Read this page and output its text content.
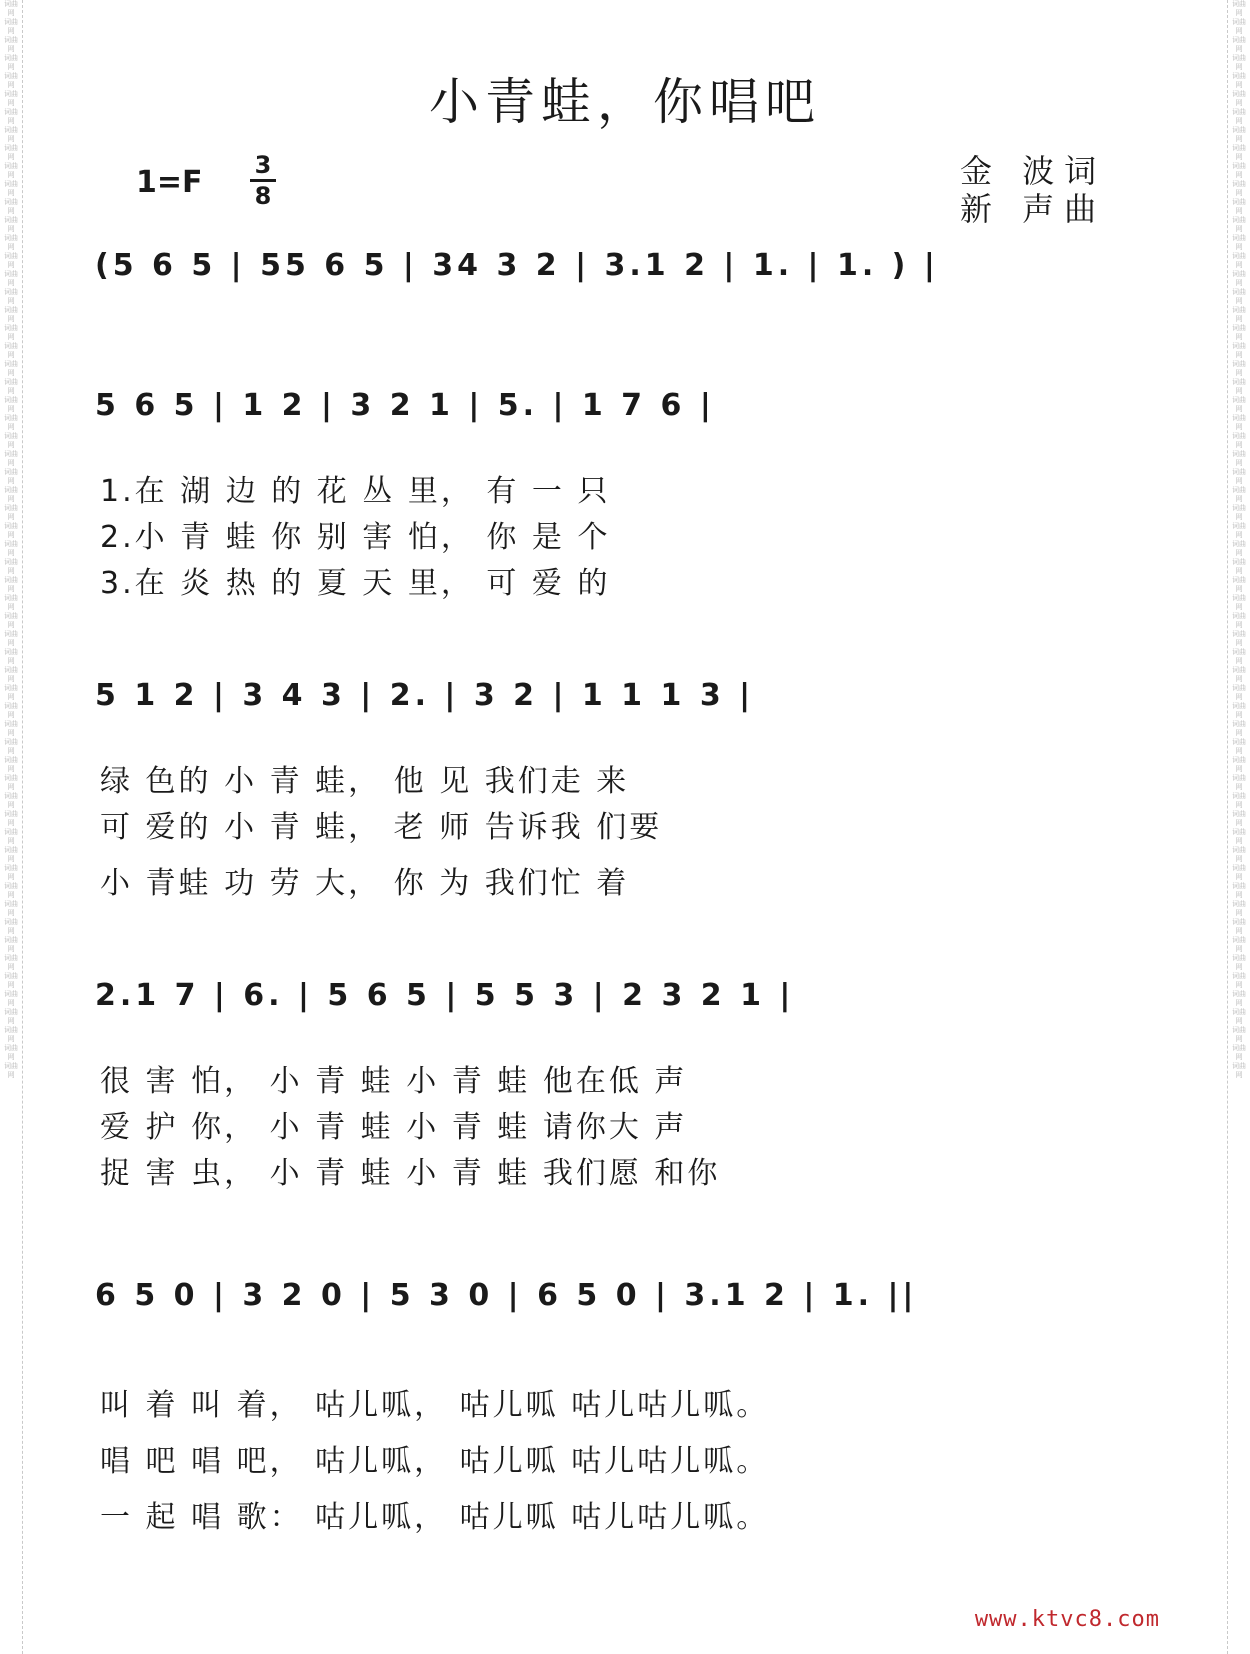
词曲网
词曲网
词曲网
词曲网
词曲网
词曲网
词曲网
词曲网
词曲网
词曲网
词曲网
词曲网
词曲网
词曲网
词曲网
词曲网
词曲网
词曲网
词曲网
词曲网
词曲网
词曲网
词曲网
词曲网
词曲网
词曲网
词曲网
词曲网
词曲网
词曲网
词曲网
词曲网
词曲网
词曲网
词曲网
词曲网
词曲网
词曲网
词曲网
词曲网
词曲网
词曲网
词曲网
词曲网
词曲网
词曲网
词曲网
词曲网
词曲网
词曲网
词曲网
词曲网
词曲网
词曲网
词曲网
词曲网
词曲网
词曲网
词曲网
词曲网
词曲网
词曲网
词曲网
词曲网
词曲网
词曲网
词曲网
词曲网
词曲网
词曲网
词曲网
词曲网
词曲网
词曲网
词曲网
词曲网
词曲网
词曲网
词曲网
词曲网
词曲网
词曲网
词曲网
词曲网
词曲网
词曲网
词曲网
词曲网
词曲网
词曲网
词曲网
词曲网
词曲网
词曲网
词曲网
词曲网
词曲网
词曲网
词曲网
词曲网
词曲网
词曲网
词曲网
词曲网
词曲网
词曲网
词曲网
词曲网
词曲网
词曲网
词曲网
词曲网
词曲网
词曲网
词曲网
词曲网
词曲网
词曲网
词曲网
词曲网
小青蛙，你唱吧
1=F 3
8
金 波词
新 声曲
(5 6 5 | 55 6 5 | 34 3 2 | 3.1 2 | 1. | 1. ) |
5 6 5 | 1 2 | 3 2 1 | 5. | 1 7 6 |
1.在 湖 边 的 花 丛 里， 有 一 只
2.小 青 蛙 你 别 害 怕， 你 是 个
3.在 炎 热 的 夏 天 里， 可 爱 的
5 1 2 | 3 4 3 | 2. | 3 2 | 1 1 1 3 |
绿 色的 小 青 蛙， 他 见 我们走 来
可 爱的 小 青 蛙， 老 师 告诉我 们要
小 青蛙 功 劳 大， 你 为 我们忙 着
2.1 7 | 6. | 5 6 5 | 5 5 3 | 2 3 2 1 |
很 害 怕， 小 青 蛙 小 青 蛙 他在低 声
爱 护 你， 小 青 蛙 小 青 蛙 请你大 声
捉 害 虫， 小 青 蛙 小 青 蛙 我们愿 和你
6 5 0 | 3 2 0 | 5 3 0 | 6 5 0 | 3.1 2 | 1. ||
叫 着 叫 着， 咕儿呱， 咕儿呱 咕儿咕儿呱。
唱 吧 唱 吧， 咕儿呱， 咕儿呱 咕儿咕儿呱。
一 起 唱 歌： 咕儿呱， 咕儿呱 咕儿咕儿呱。
www.ktvc8.com
